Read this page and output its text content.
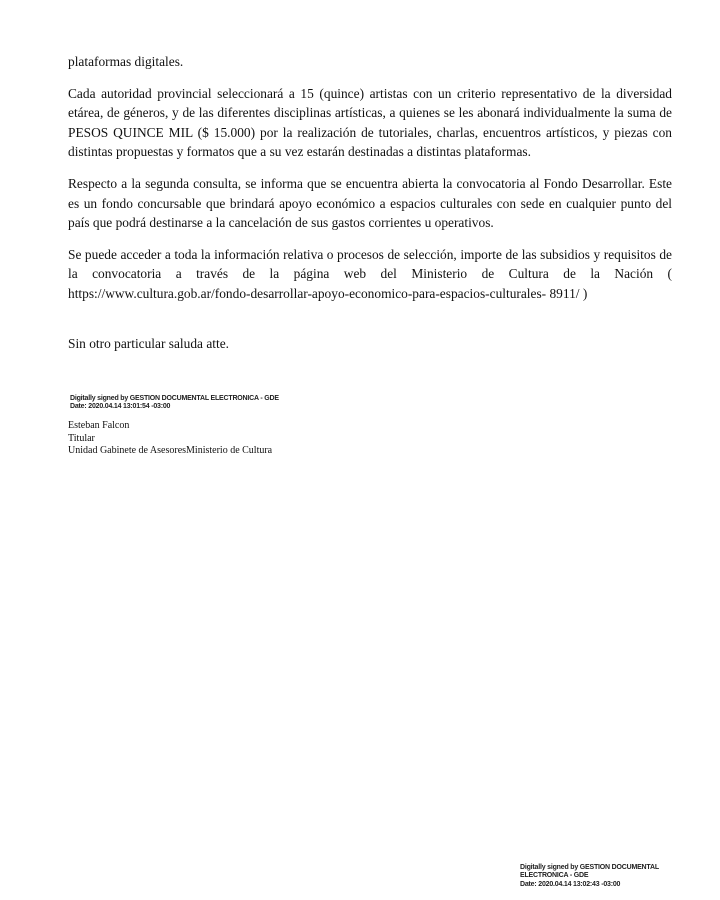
plataformas digitales.

Cada autoridad provincial seleccionará a 15 (quince) artistas con un criterio representativo de la diversidad etárea, de géneros, y de las diferentes disciplinas artísticas, a quienes se les abonará individualmente la suma de PESOS QUINCE MIL ($ 15.000) por la realización de tutoriales, charlas, encuentros artísticos, y piezas con distintas propuestas y formatos que a su vez estarán destinadas a distintas plataformas.

Respecto a la segunda consulta, se informa que se encuentra abierta la convocatoria al Fondo Desarrollar. Este es un fondo concursable que brindará apoyo económico a espacios culturales con sede en cualquier punto del país que podrá destinarse a la cancelación de sus gastos corrientes u operativos.

Se puede acceder a toda la información relativa o procesos de selección, importe de las subsidios y requisitos de la convocatoria a través de la página web del Ministerio de Cultura de la Nación ( https://www.cultura.gob.ar/fondo-desarrollar-apoyo-economico-para-espacios-culturales- 8911/ )

Sin otro particular saluda atte.

Digitally signed by GESTION DOCUMENTAL ELECTRONICA - GDE
Date: 2020.04.14 13:01:54 -03:00
Esteban Falcon
Titular
Unidad Gabinete de AsesoresMinisterio de Cultura
Digitally signed by GESTION DOCUMENTAL ELECTRONICA - GDE
Date: 2020.04.14 13:02:43 -03:00
